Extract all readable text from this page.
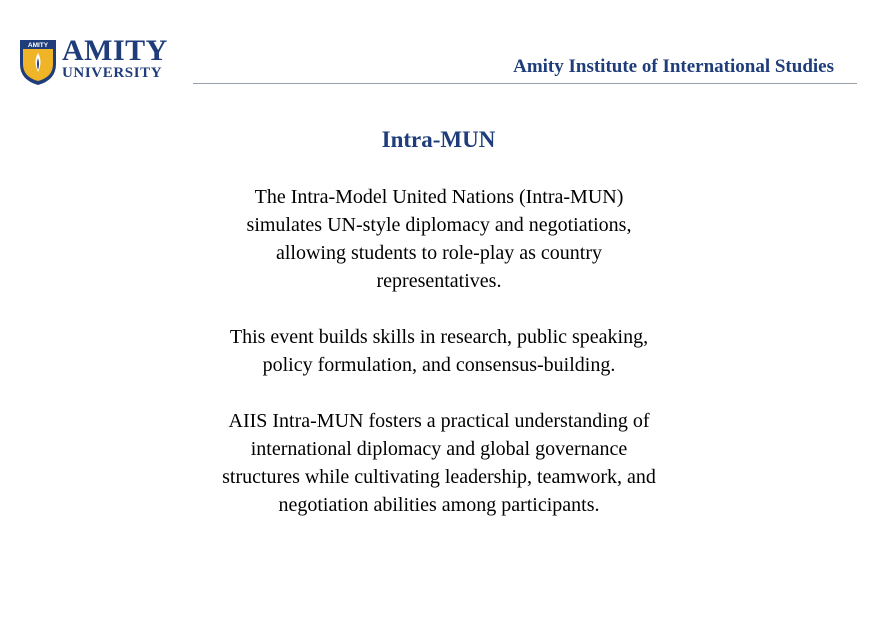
AMITY AMITY
UNIVERSITY	Amity Institute of International Studies
Intra-MUN

The Intra-Model United Nations (Intra-MUN) simulates UN-style diplomacy and negotiations, allowing students to role-play as country representatives.

This event builds skills in research, public speaking, policy formulation, and consensus-building.

AIIS Intra-MUN fosters a practical understanding of international diplomacy and global governance structures while cultivating leadership, teamwork, and negotiation abilities among participants.
